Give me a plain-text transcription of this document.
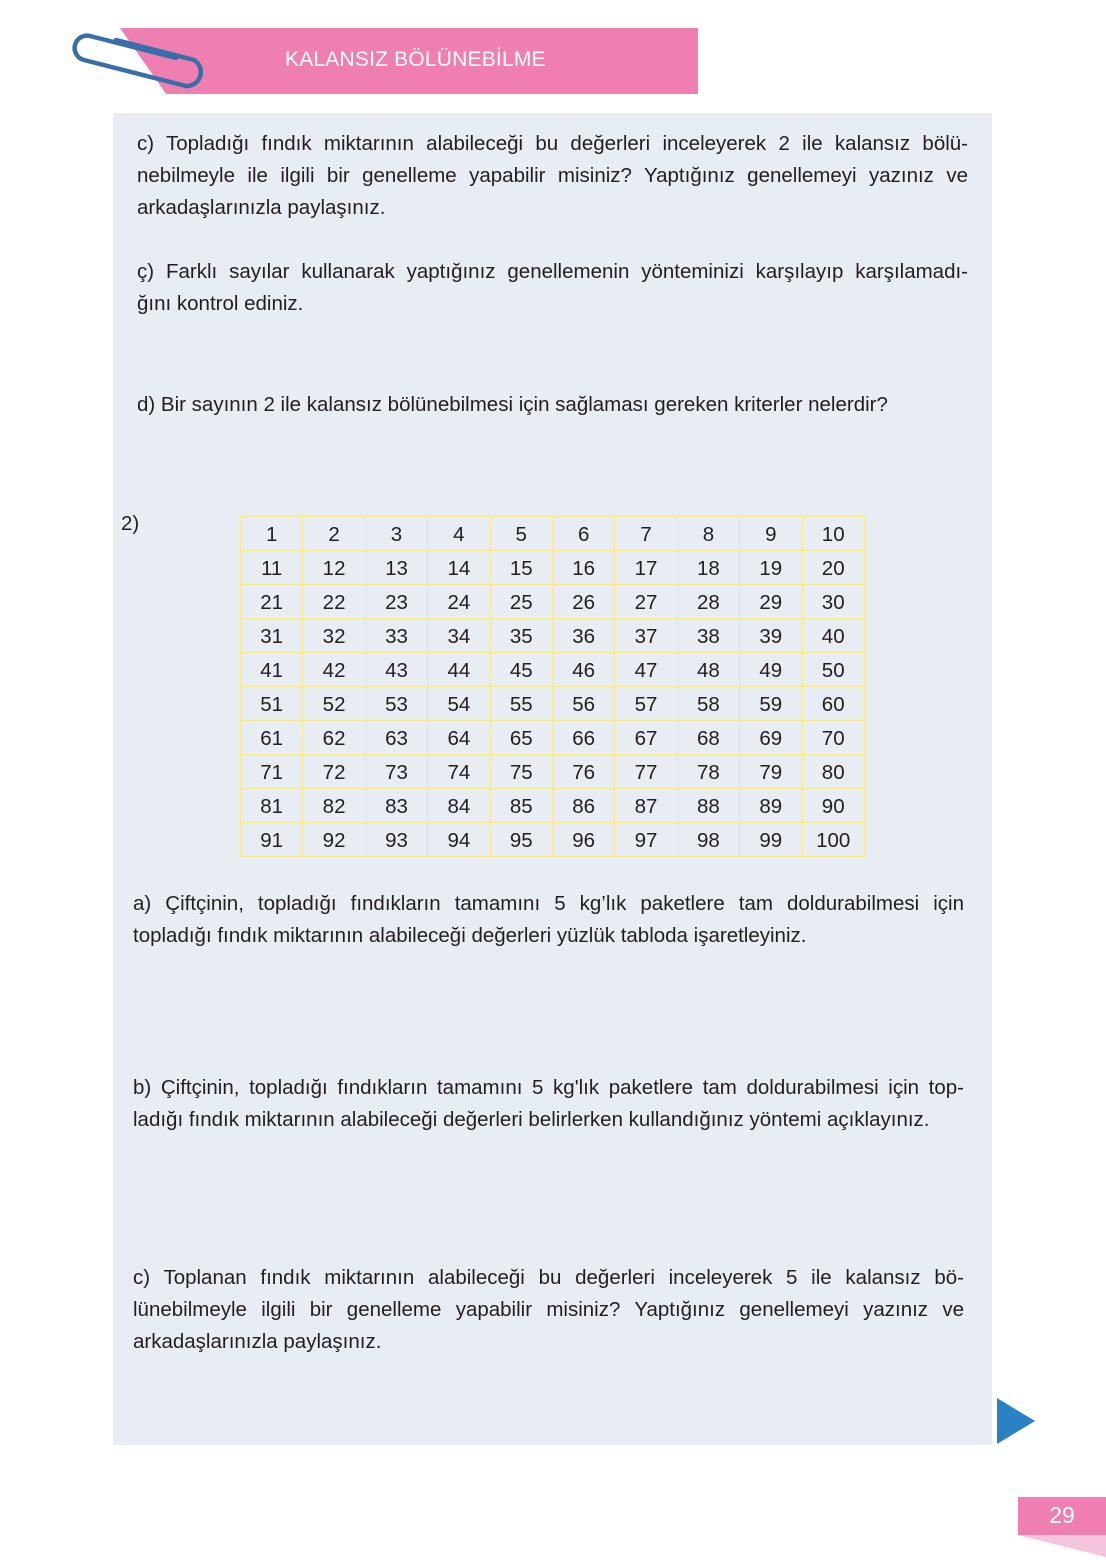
KALANSIZ BÖLÜNEBİLME
c) Topladığı fındık miktarının alabileceği bu değerleri inceleyerek 2 ile kalansız bölü-
nebilmeyle ile ilgili bir genelleme yapabilir misiniz? Yaptığınız genellemeyi yazınız ve
arkadaşlarınızla paylaşınız.
ç) Farklı sayılar kullanarak yaptığınız genellemenin yönteminizi karşılayıp karşılamadı-
ğını kontrol ediniz.
d) Bir sayının 2 ile kalansız bölünebilmesi için sağlaması gereken kriterler nelerdir?
2)	1	2	3	4	5	6	7	8	9	10
11	12	13	14	15	16	17	18	19	20
21	22	23	24	25	26	27	28	29	30
31	32	33	34	35	36	37	38	39	40
41	42	43	44	45	46	47	48	49	50
51	52	53	54	55	56	57	58	59	60
61	62	63	64	65	66	67	68	69	70
71	72	73	74	75	76	77	78	79	80
81	82	83	84	85	86	87	88	89	90
91	92	93	94	95	96	97	98	99	100
a) Çiftçinin, topladığı fındıkların tamamını 5 kg’lık paketlere tam doldurabilmesi için
topladığı fındık miktarının alabileceği değerleri yüzlük tabloda işaretleyiniz.
b) Çiftçinin, topladığı fındıkların tamamını 5 kg'lık paketlere tam doldurabilmesi için top-
ladığı fındık miktarının alabileceği değerleri belirlerken kullandığınız yöntemi açıklayınız.
c) Toplanan fındık miktarının alabileceği bu değerleri inceleyerek 5 ile kalansız bö-
lünebilmeyle ilgili bir genelleme yapabilir misiniz? Yaptığınız genellemeyi yazınız ve
arkadaşlarınızla paylaşınız.
29
